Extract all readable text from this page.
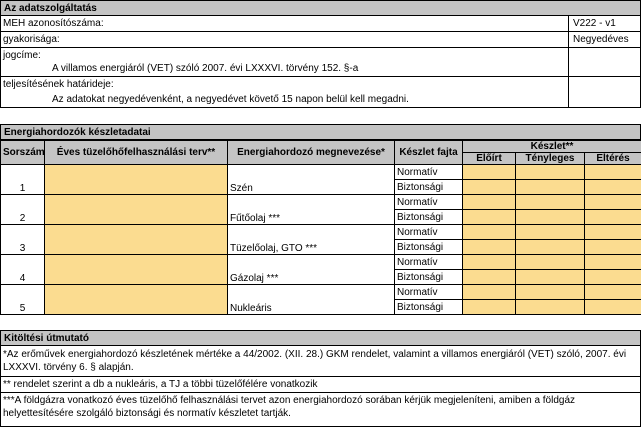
Az adatszolgáltatás
MEH azonosítószáma:	V222 - v1
gyakorisága:	Negyedéves
jogcíme:
A villamos energiáról (VET) szóló 2007. évi LXXXVI. törvény 152. §-a
teljesítésének határideje:
Az adatokat negyedévenként, a negyedévet követő 15 napon belül kell megadni.
Energiahordozók készletadatai
Sorszám	Éves tüzelőhőfelhasználási terv**	Energiahordozó megnevezése*	Készlet fajta	Készlet**		
				Előírt	Tényleges	Eltérés
1		Szén	Normatív			
			Biztonsági			
2		Fűtőolaj ***	Normatív			
			Biztonsági			
3		Tüzelőolaj, GTO ***	Normatív			
			Biztonsági			
4		Gázolaj ***	Normatív			
			Biztonsági			
5		Nukleáris	Normatív			
			Biztonsági			
Kitöltési útmutató
*Az erőművek energiahordozó készletének mértéke a 44/2002. (XII. 28.) GKM rendelet, valamint a villamos energiáról (VET) szóló, 2007. évi LXXXVI. törvény 6. § alapján.
** rendelet szerint a db a nukleáris, a TJ a többi tüzelőfélére vonatkozik
***A földgázra vonatkozó éves tüzelőhő felhasználási tervet azon energiahordozó sorában kérjük megjeleníteni, amiben a földgáz helyettesítésére szolgáló biztonsági és normatív készletet tartják.
